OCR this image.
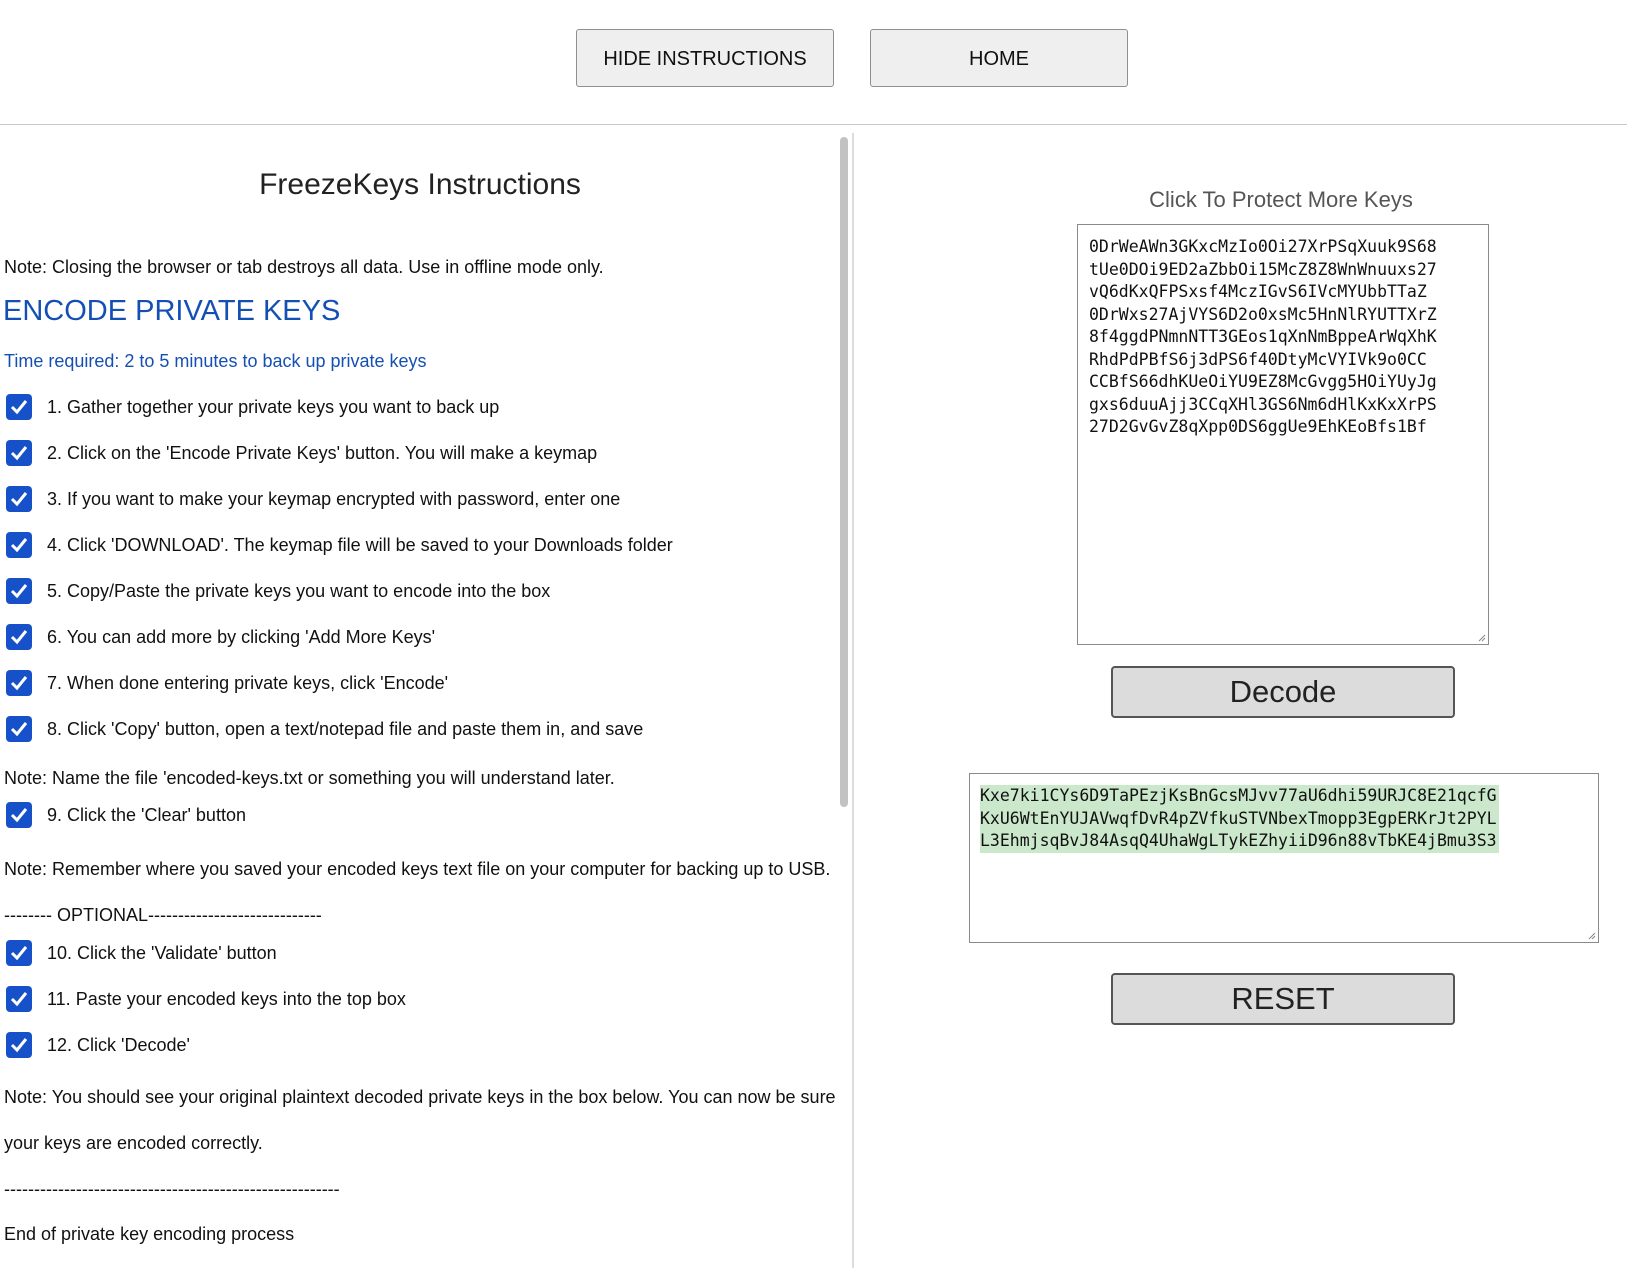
HIDE INSTRUCTIONS	HOME
FreezeKeys Instructions
Note: Closing the browser or tab destroys all data. Use in offline mode only.
ENCODE PRIVATE KEYS
Time required: 2 to 5 minutes to back up private keys
1. Gather together your private keys you want to back up
2. Click on the 'Encode Private Keys' button. You will make a keymap
3. If you want to make your keymap encrypted with password, enter one
4. Click 'DOWNLOAD'. The keymap file will be saved to your Downloads folder
5. Copy/Paste the private keys you want to encode into the box
6. You can add more by clicking 'Add More Keys'
7. When done entering private keys, click 'Encode'
8. Click 'Copy' button, open a text/notepad file and paste them in, and save
Note: Name the file 'encoded-keys.txt or something you will understand later.
9. Click the 'Clear' button
Note: Remember where you saved your encoded keys text file on your computer for backing up to USB.
-------- OPTIONAL-----------------------------
10. Click the 'Validate' button
11. Paste your encoded keys into the top box
12. Click 'Decode'
Note: You should see your original plaintext decoded private keys in the box below. You can now be sure
your keys are encoded correctly.
--------------------------------------------------------
End of private key encoding process
Click To Protect More Keys
0DrWeAWn3GKxcMzIo0Oi27XrPSqXuuk9S68
tUe0DOi9ED2aZbbOi15McZ8Z8WnWnuuxs27
vQ6dKxQFPSxsf4MczIGvS6IVcMYUbbTTaZ
0DrWxs27AjVYS6D2o0xsMc5HnNlRYUTTXrZ
8f4ggdPNmnNTT3GEos1qXnNmBppeArWqXhK
RhdPdPBfS6j3dPS6f40DtyMcVYIVk9o0CC
CCBfS66dhKUeOiYU9EZ8McGvgg5HOiYUyJg
gxs6duuAjj3CCqXHl3GS6Nm6dHlKxKxXrPS
27D2GvGvZ8qXpp0DS6ggUe9EhKEoBfs1Bf
Decode
Kxe7ki1CYs6D9TaPEzjKsBnGcsMJvv77aU6dhi59URJC8E21qcfG
KxU6WtEnYUJAVwqfDvR4pZVfkuSTVNbexTmopp3EgpERKrJt2PYL
L3EhmjsqBvJ84AsqQ4UhaWgLTykEZhyiiD96n88vTbKE4jBmu3S3
RESET
